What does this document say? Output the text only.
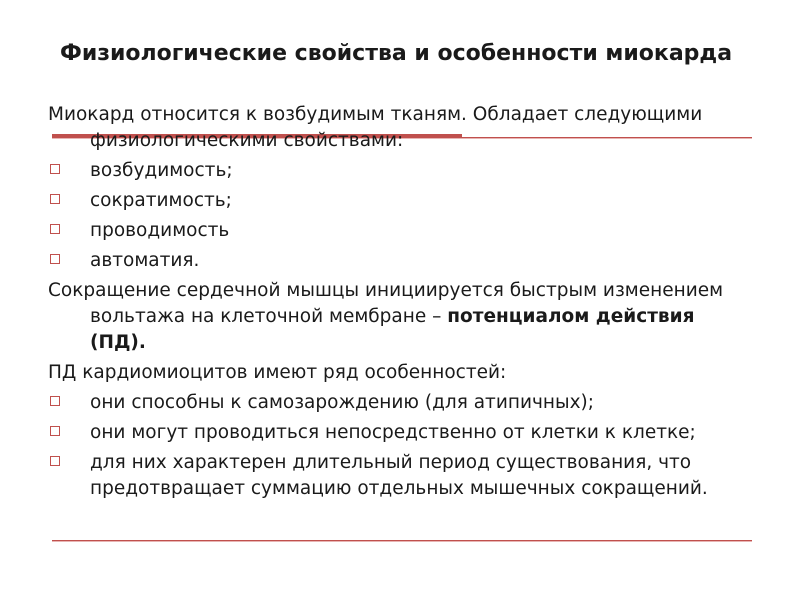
Физиологические свойства и особенности миокарда

Миокард относится к возбудимым тканям. Обладает следующими физиологическими свойствами:

возбудимость;
сократимость;
проводимость
автоматия.

Сокращение сердечной мышцы инициируется быстрым изменением вольтажа на клеточной мембране – потенциалом действия (ПД).

ПД кардиомиоцитов имеют ряд особенностей:

они способны к самозарождению (для атипичных);
они могут проводиться непосредственно от клетки к клетке;
для них характерен длительный период существования, что предотвращает суммацию отдельных мышечных сокращений.
